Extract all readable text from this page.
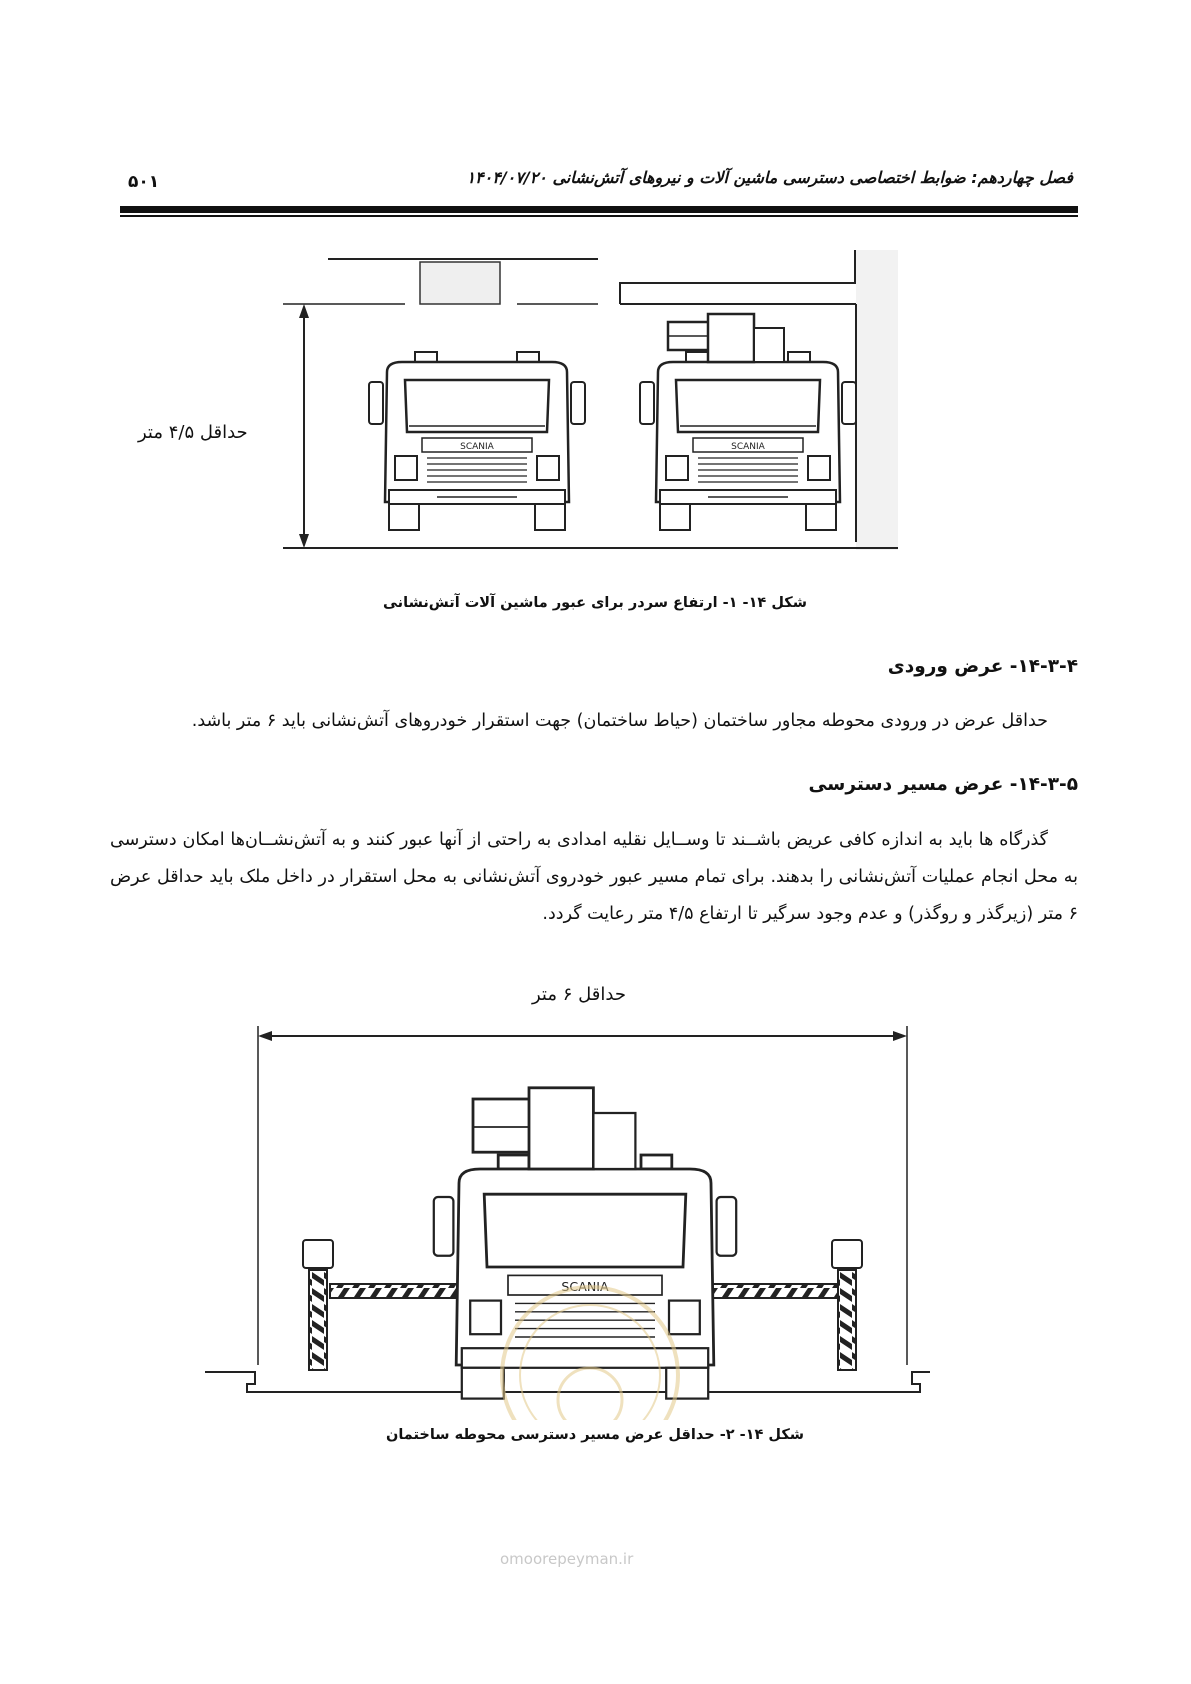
۵۰۱	فصل چهاردهم: ضوابط اختصاصی دسترسی ماشین آلات و نیروهای آتش‌نشانی ۱۴۰۴/۰۷/۲۰
SCANIA
حداقل ۴/۵ متر
شکل ۱۴- ۱- ارتفاع سردر برای عبور ماشین آلات آتش‌نشانی
۱۴-۳-۴- عرض ورودی
حداقل عرض در ورودی محوطه مجاور ساختمان (حیاط ساختمان) جهت استقرار خودروهای آتش‌نشانی باید ۶ متر باشد.
۱۴-۳-۵- عرض مسیر دسترسی
گذرگاه ها باید به اندازه کافی عریض باشــند تا وســایل نقلیه امدادی به راحتی از آنها عبور کنند و به آتش‌نشــان‌ها امکان دسترسی به محل انجام عملیات آتش‌نشانی را بدهند. برای تمام مسیر عبور خودروی آتش‌نشانی به محل استقرار در داخل ملک باید حداقل عرض ۶ متر (زیرگذر و روگذر) و عدم وجود سرگیر تا ارتفاع ۴/۵ متر رعایت گردد.
SCANIA
حداقل ۶ متر
شکل ۱۴- ۲- حداقل عرض مسیر دسترسی محوطه ساختمان
omoorepeyman.ir
